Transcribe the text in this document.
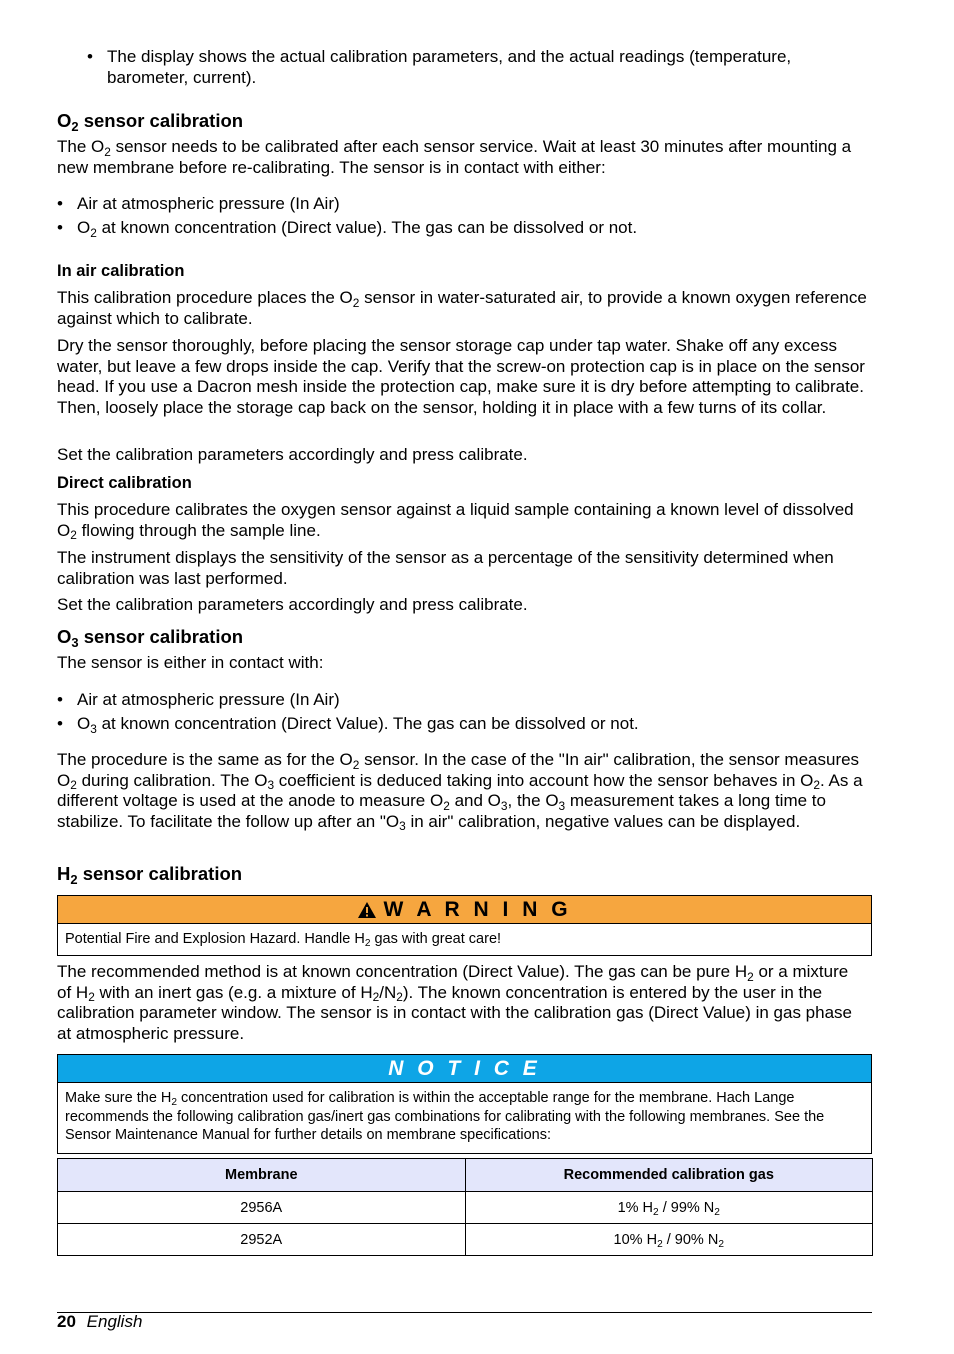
• The display shows the actual calibration parameters, and the actual readings (temperature, barometer, current).
$O_2$ sensor calibration
The $O_2$ sensor needs to be calibrated after each sensor service. Wait at least 30 minutes after mounting a new membrane before re-calibrating. The sensor is in contact with either:
• Air at atmospheric pressure (In Air)
• $O_2$ at known concentration (Direct value). The gas can be dissolved or not.
In air calibration
This calibration procedure places the $O_2$ sensor in water-saturated air, to provide a known oxygen reference against which to calibrate.
Dry the sensor thoroughly, before placing the sensor storage cap under tap water. Shake off any excess water, but leave a few drops inside the cap. Verify that the screw-on protection cap is in place on the sensor head. If you use a Dacron mesh inside the protection cap, make sure it is dry before attempting to calibrate. Then, loosely place the storage cap back on the sensor, holding it in place with a few turns of its collar.
Set the calibration parameters accordingly and press calibrate.
Direct calibration
This procedure calibrates the oxygen sensor against a liquid sample containing a known level of dissolved $O_2$ flowing through the sample line.
The instrument displays the sensitivity of the sensor as a percentage of the sensitivity determined when calibration was last performed.
Set the calibration parameters accordingly and press calibrate.
$O_3$ sensor calibration
The sensor is either in contact with:
• Air at atmospheric pressure (In Air)
• $O_3$ at known concentration (Direct Value). The gas can be dissolved or not.
The procedure is the same as for the $O_2$ sensor. In the case of the "In air" calibration, the sensor measures $O_2$ during calibration. The $O_3$ coefficient is deduced taking into account how the sensor behaves in $O_2$. As a different voltage is used at the anode to measure $O_2$ and $O_3$, the $O_3$ measurement takes a long time to stabilize. To facilitate the follow up after an "$O_3$ in air" calibration, negative values can be displayed.
$H_2$ sensor calibration
W A R N I N G
Potential Fire and Explosion Hazard. Handle $H_2$ gas with great care!
The recommended method is at known concentration (Direct Value). The gas can be pure $H_2$ or a mixture of $H_2$ with an inert gas (e.g. a mixture of $H_2/N_2$). The known concentration is entered by the user in the calibration parameter window. The sensor is in contact with the calibration gas (Direct Value) in gas phase at atmospheric pressure.
N O T I C E
Make sure the $H_2$ concentration used for calibration is within the acceptable range for the membrane. Hach Lange recommends the following calibration gas/inert gas combinations for calibrating with the following membranes. See the Sensor Maintenance Manual for further details on membrane specifications:
Membrane	Recommended calibration gas
2956A	1% $H_2 / 99\%$ $N_2$
2952A	10% $H_2 / 90\%$ $N_2$
20 English
